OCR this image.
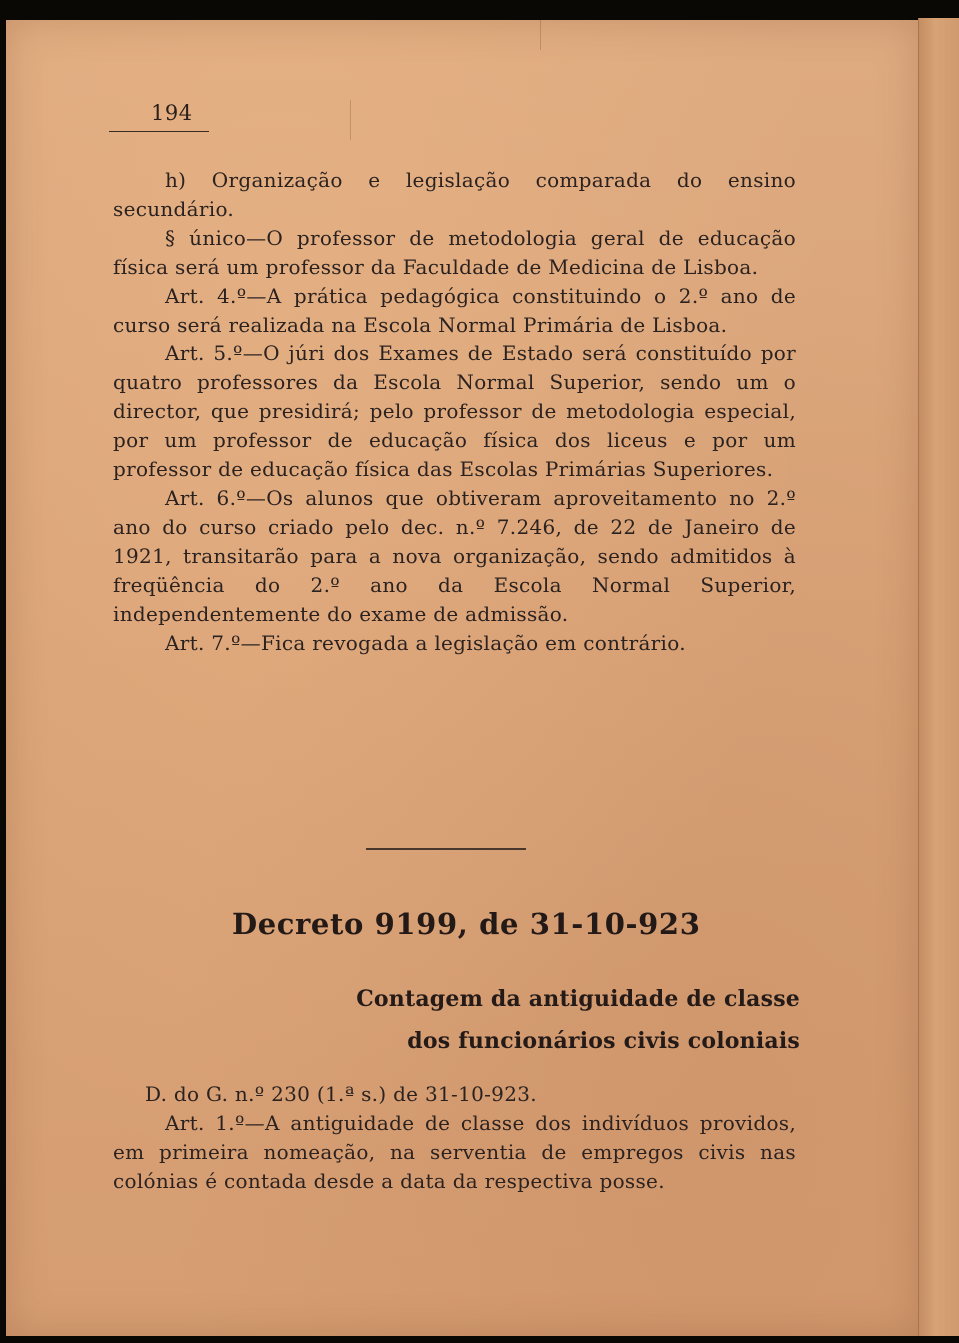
194

h) Organização e legislação comparada do ensino secundário.

§ único—O professor de metodologia geral de educação física será um professor da Faculdade de Medicina de Lisboa.

Art. 4.º—A prática pedagógica constituindo o 2.º ano de curso será realizada na Escola Normal Primária de Lisboa.

Art. 5.º—O júri dos Exames de Estado será constituído por quatro professores da Escola Normal Superior, sendo um o director, que presidirá; pelo professor de metodologia especial, por um professor de educação física dos liceus e por um professor de educação física das Escolas Primárias Superiores.

Art. 6.º—Os alunos que obtiveram aproveitamento no 2.º ano do curso criado pelo dec. n.º 7.246, de 22 de Janeiro de 1921, transitarão para a nova organização, sendo admitidos à freqüência do 2.º ano da Escola Normal Superior, independentemente do exame de admissão.

Art. 7.º—Fica revogada a legislação em contrário.

Decreto 9199, de 31-10-923
Contagem da antiguidade de classe
dos funcionários civis coloniais

D. do G. n.º 230 (1.ª s.) de 31-10-923.

Art. 1.º—A antiguidade de classe dos indivíduos providos, em primeira nomeação, na serventia de empregos civis nas colónias é contada desde a data da respectiva posse.
